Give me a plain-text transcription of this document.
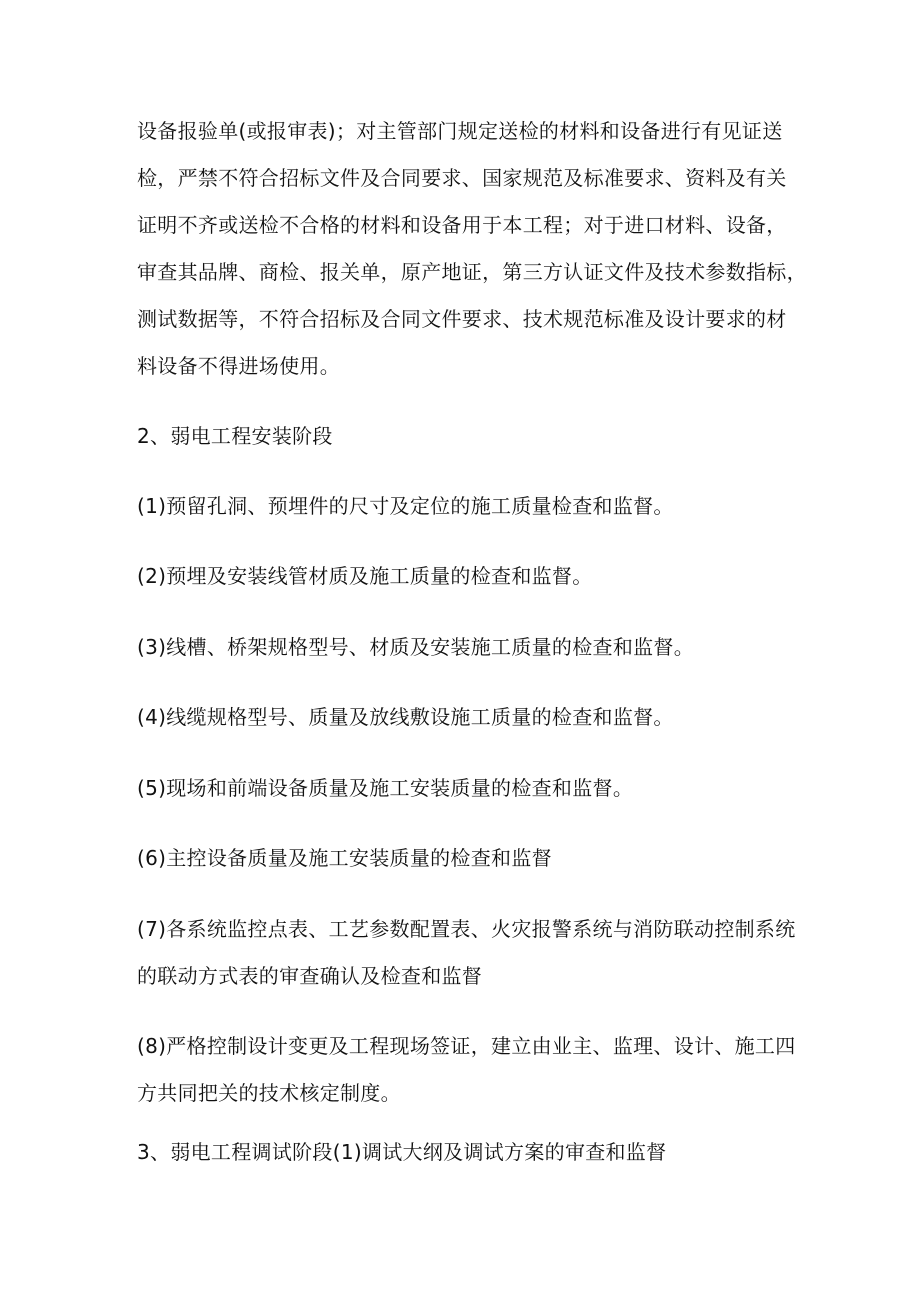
设备报验单(或报审表)；对主管部门规定送检的材料和设备进行有见证送
检，严禁不符合招标文件及合同要求、国家规范及标准要求、资料及有关
证明不齐或送检不合格的材料和设备用于本工程；对于进口材料、设备，
审查其品牌、商检、报关单，原产地证，第三方认证文件及技术参数指标，
测试数据等，不符合招标及合同文件要求、技术规范标准及设计要求的材
料设备不得进场使用。
2、弱电工程安装阶段
(1)预留孔洞、预埋件的尺寸及定位的施工质量检查和监督。
(2)预埋及安装线管材质及施工质量的检查和监督。
(3)线槽、桥架规格型号、材质及安装施工质量的检查和监督。
(4)线缆规格型号、质量及放线敷设施工质量的检查和监督。
(5)现场和前端设备质量及施工安装质量的检查和监督。
(6)主控设备质量及施工安装质量的检查和监督
(7)各系统监控点表、工艺参数配置表、火灾报警系统与消防联动控制系统
的联动方式表的审查确认及检查和监督
(8)严格控制设计变更及工程现场签证，建立由业主、监理、设计、施工四
方共同把关的技术核定制度。
3、弱电工程调试阶段(1)调试大纲及调试方案的审查和监督
